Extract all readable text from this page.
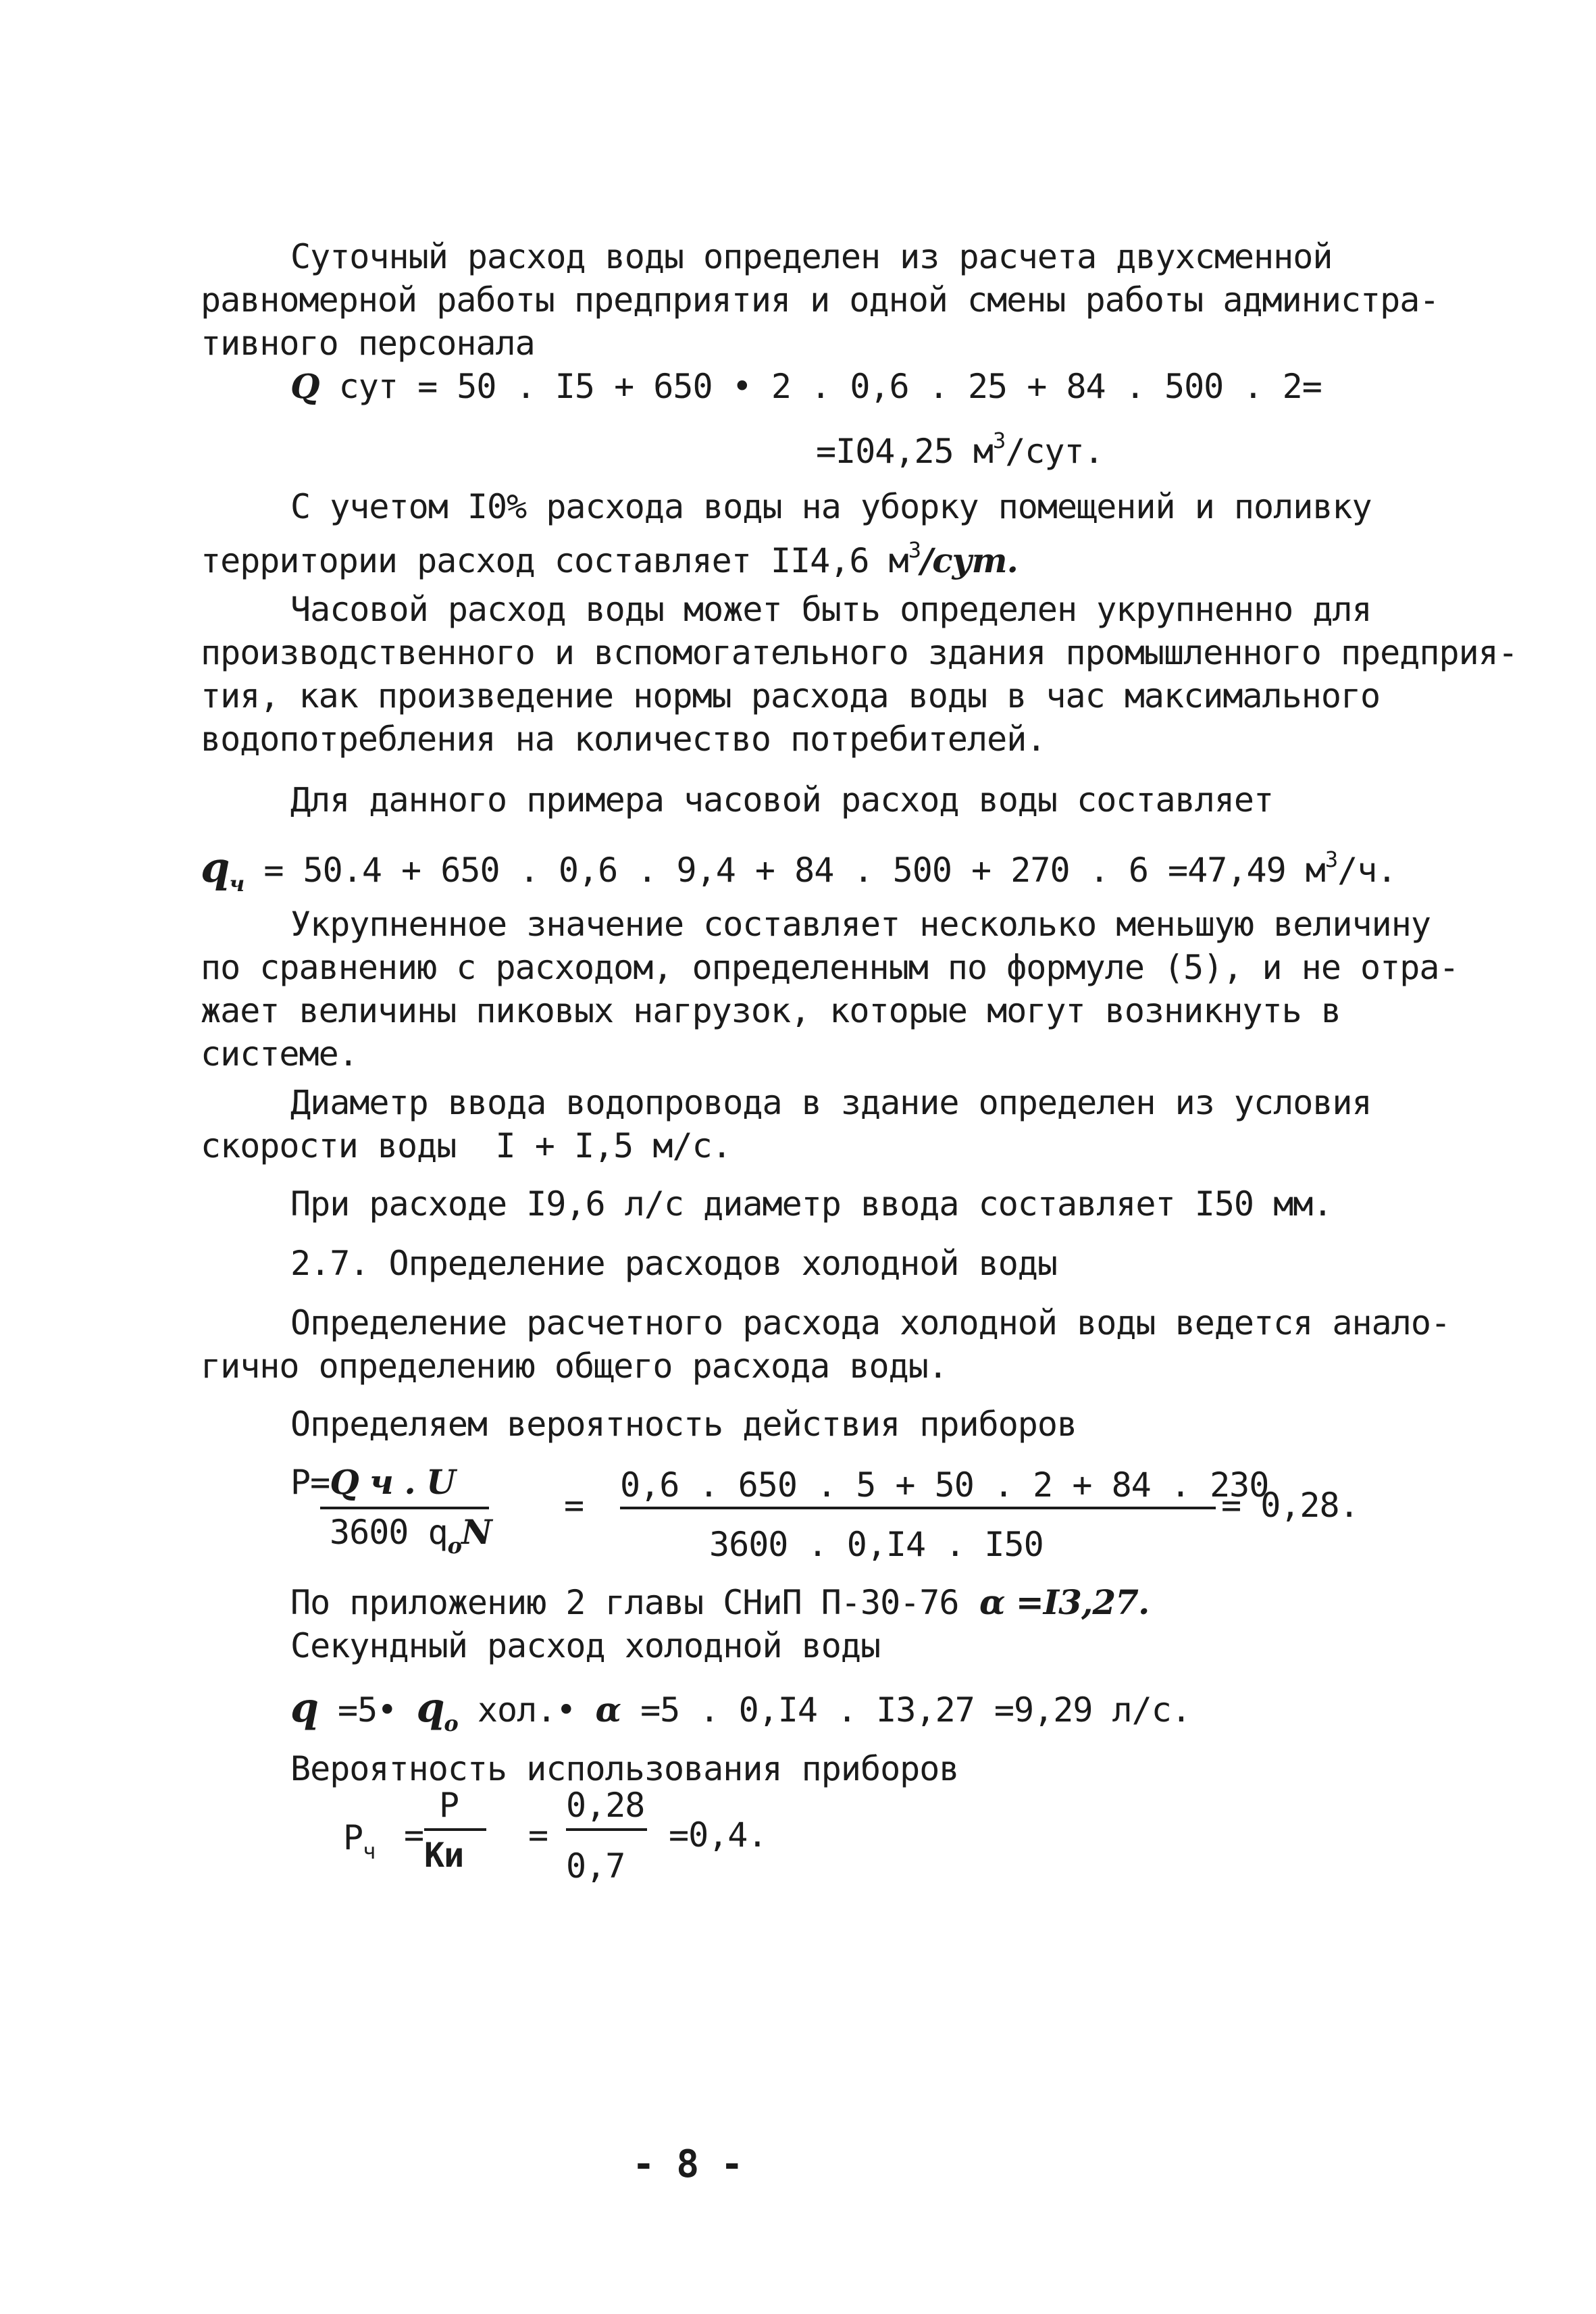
Суточный расход воды определен из расчета двухсменной
равномерной работы предприятия и одной смены работы администра-
тивного персонала
Q сут = 50 . I5 + 650 • 2 . 0,6 . 25 + 84 . 500 . 2=
=I04,25 $м^3$/сут.
С учетом I0% расхода воды на уборку помещений и поливку
территории расход составляет II4,6 $м^3$/сут.
Часовой расход воды может быть определен укрупненно для
производственного и вспомогательного здания промышленного предприя-
тия, как произведение нормы расхода воды в час максимального
водопотребления на количество потребителей.
Для данного примера часовой расход воды составляет
$q_ч = 50.4 + 650$ . 0,6 . 9,4 + 84 . 500 + 270 . 6 =47,49 $м^3/ч$.
Укрупненное значение составляет несколько меньшую величину
по сравнению с расходом, определенным по формуле (5), и не отра-
жает величины пиковых нагрузок, которые могут возникнуть в
системе.
Диаметр ввода водопровода в здание определен из условия
скорости воды  I + I,5 м/с.
При расходе I9,6 л/с диаметр ввода составляет I50 мм.
2.7. Определение расходов холодной воды
Определение расчетного расхода холодной воды ведется анало-
гично определению общего расхода воды.
Определяем вероятность действия приборов
P=Q ч . U
3600 $q_oN$
=
0,6 . 650 . 5 + 50 . 2 + 84 . 230
3600 . 0,I4 . I50
= 0,28.
По приложению 2 главы СНиП П-30-76 α =I3,27.
Секундный расход холодной воды
q =5• $q_o$ хол.• α =5 . 0,I4 . I3,27 =9,29 л/с.
Вероятность использования приборов
$P_ч$ =
P
Kи
=
0,28
0,7
=0,4.
- 8 -
